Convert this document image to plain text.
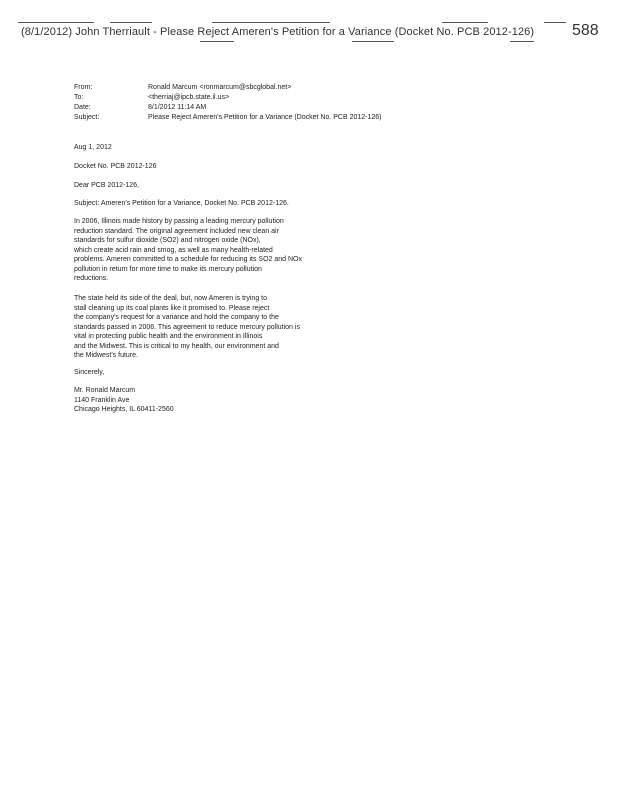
(8/1/2012) John Therriault - Please Reject Ameren's Petition for a Variance (Docket No. PCB 2012-126) 588
From:	Ronald Marcum <ronmarcum@sbcglobal.net>
To:	<therriaj@ipcb.state.il.us>
Date:	8/1/2012 11:14 AM
Subject:	Please Reject Ameren's Petition for a Variance (Docket No. PCB 2012-126)
Aug 1, 2012
Docket No. PCB 2012-126
Dear PCB 2012-126,
Subject: Ameren's Petition for a Variance, Docket No. PCB 2012-126.
In 2006, Illinois made history by passing a leading mercury pollution
reduction standard. The original agreement included new clean air
standards for sulfur dioxide (SO2) and nitrogen oxide (NOx),
which create acid rain and smog, as well as many health-related
problems. Ameren committed to a schedule for reducing its SO2 and NOx
pollution in return for more time to make its mercury pollution
reductions.
The state held its side of the deal, but, now Ameren is trying to
stall cleaning up its coal plants like it promised to. Please reject
the company's request for a variance and hold the company to the
standards passed in 2006. This agreement to reduce mercury pollution is
vital in protecting public health and the environment in Illinois
and the Midwest. This is critical to my health, our environment and
the Midwest's future.
Sincerely,
Mr. Ronald Marcum
1140 Franklin Ave
Chicago Heights, IL 60411-2560
